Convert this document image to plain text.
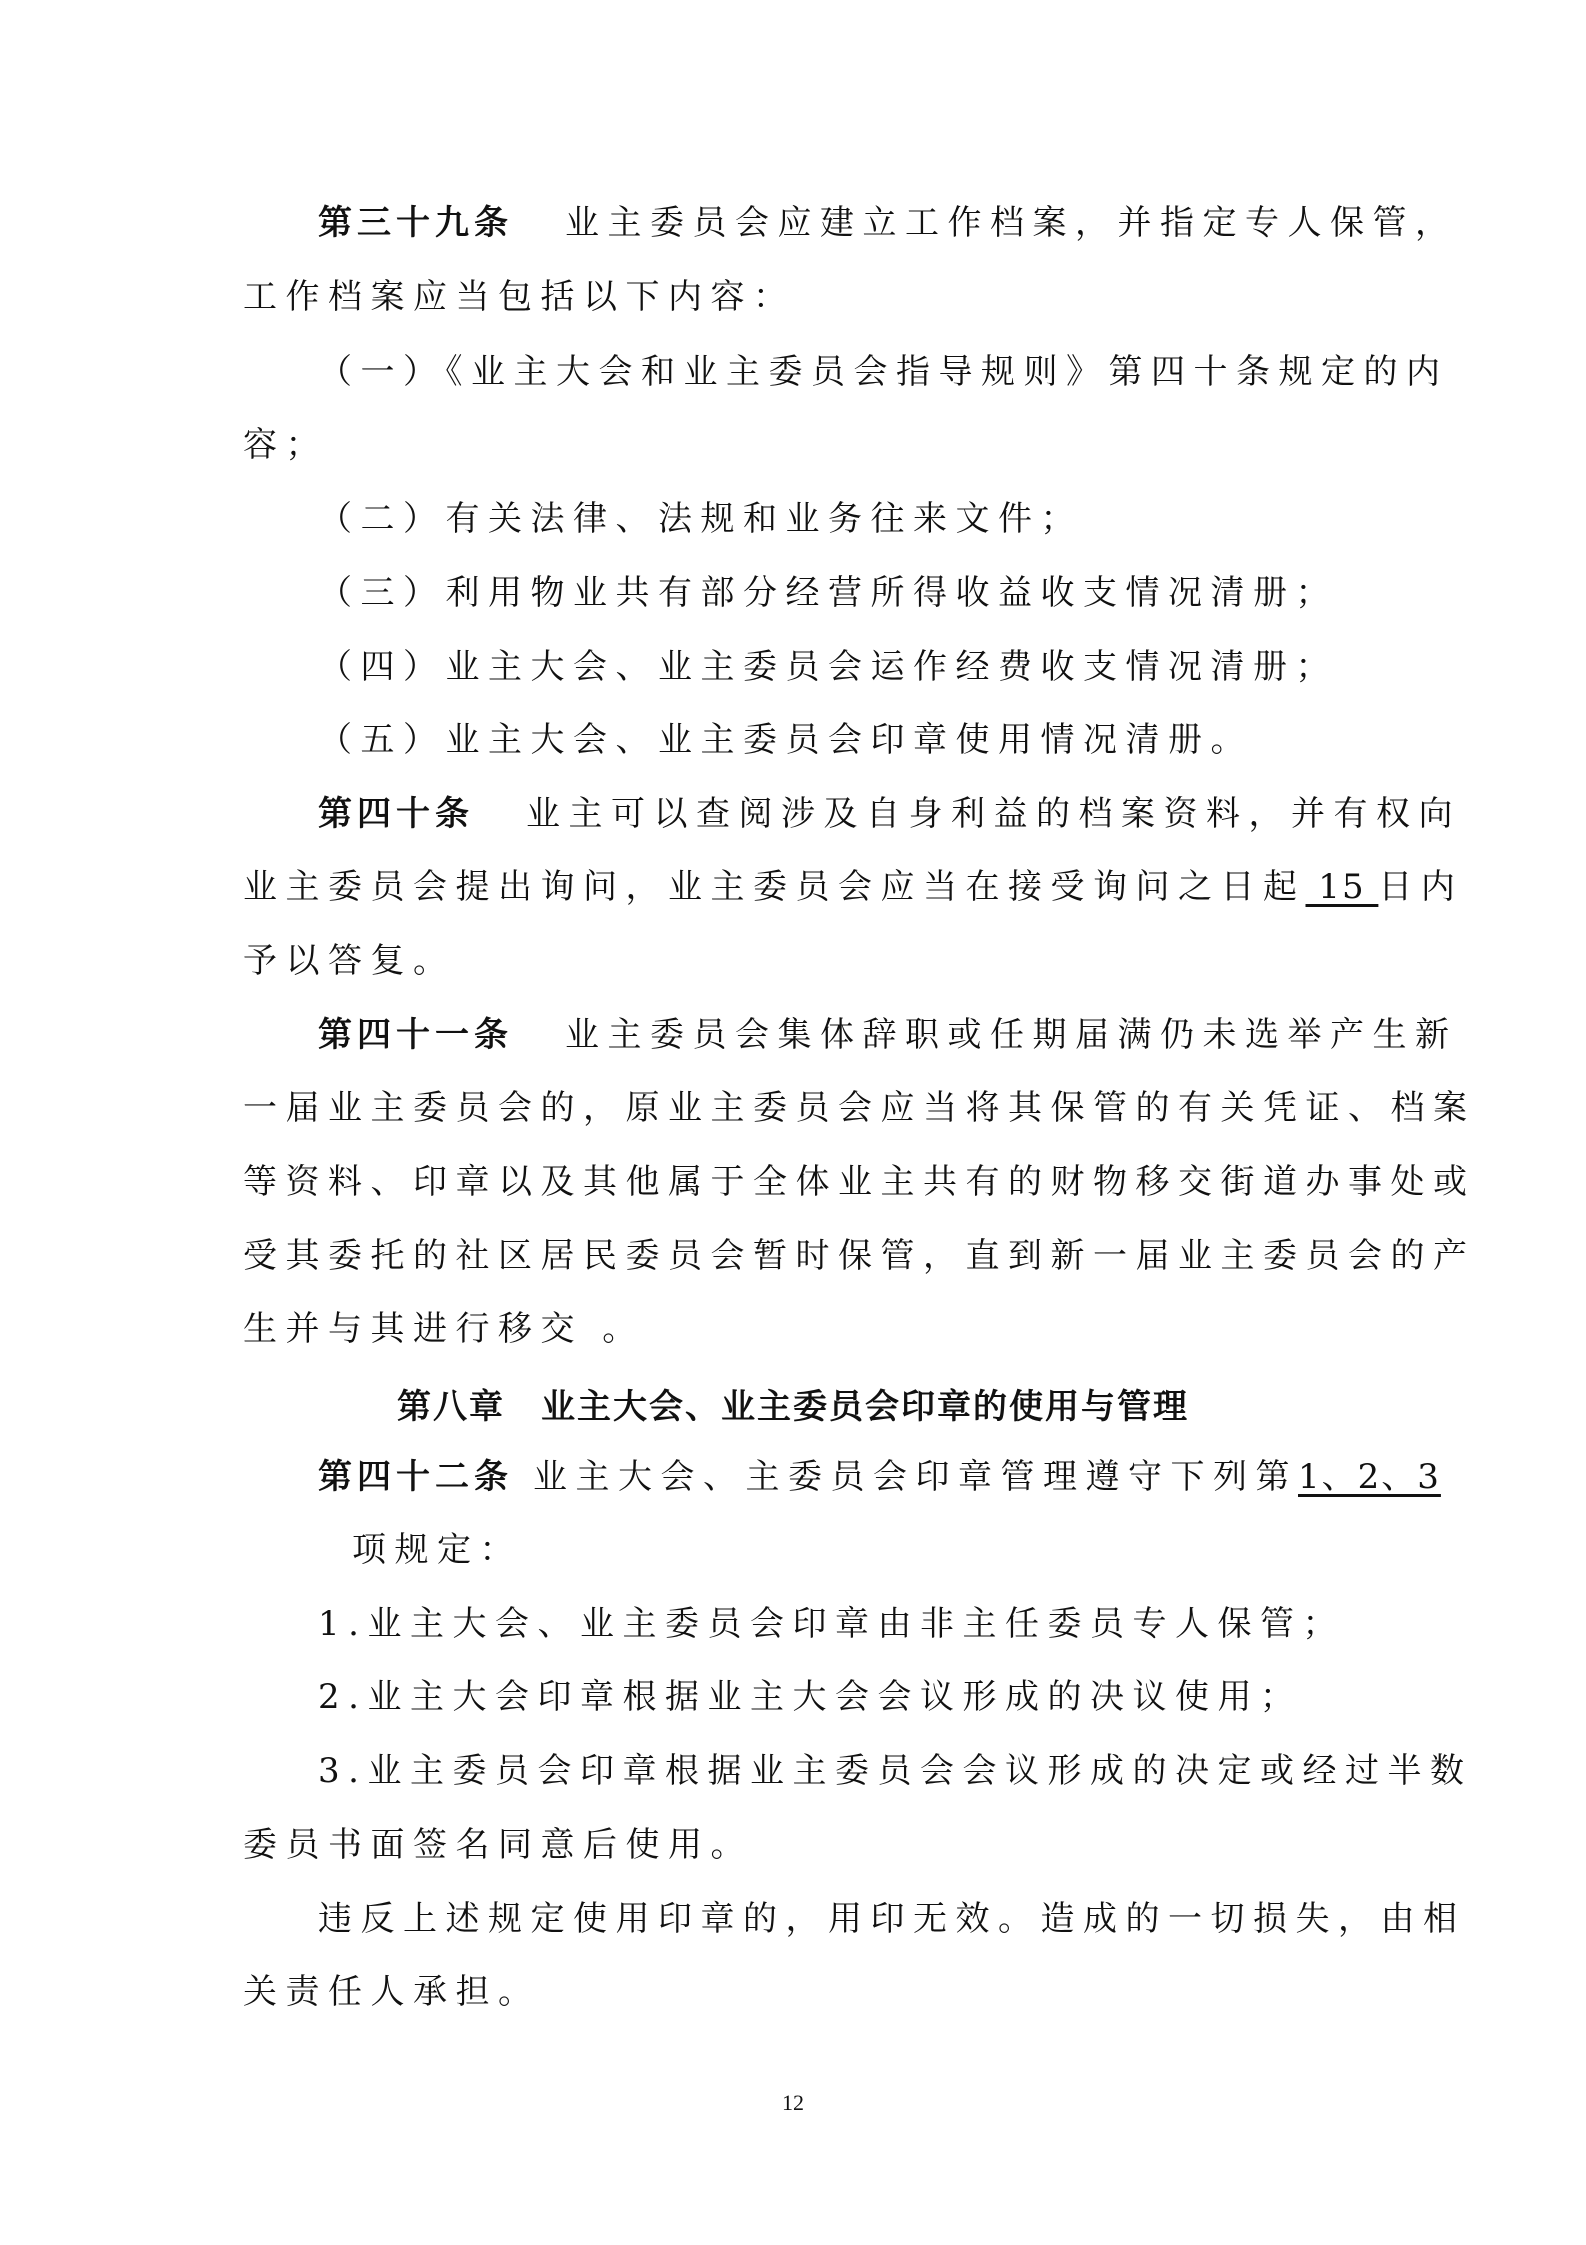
第三十九条 业主委员会应建立工作档案，并指定专人保管，
工作档案应当包括以下内容：
（一）《业主大会和业主委员会指导规则》第四十条规定的内
容；
（二）有关法律、法规和业务往来文件；
（三）利用物业共有部分经营所得收益收支情况清册；
（四）业主大会、业主委员会运作经费收支情况清册；
（五）业主大会、业主委员会印章使用情况清册。
第四十条 业主可以查阅涉及自身利益的档案资料，并有权向
业主委员会提出询问，业主委员会应当在接受询问之日起 15 日内
予以答复。
第四十一条 业主委员会集体辞职或任期届满仍未选举产生新
一届业主委员会的，原业主委员会应当将其保管的有关凭证、档案
等资料、印章以及其他属于全体业主共有的财物移交街道办事处或
受其委托的社区居民委员会暂时保管，直到新一届业主委员会的产
生并与其进行移交 。
第八章　业主大会、业主委员会印章的使用与管理
第四十二条 业主大会、主委员会印章管理遵守下列第1、2、3
项规定：
1.业主大会、业主委员会印章由非主任委员专人保管；
2.业主大会印章根据业主大会会议形成的决议使用；
3.业主委员会印章根据业主委员会会议形成的决定或经过半数
委员书面签名同意后使用。
违反上述规定使用印章的，用印无效。造成的一切损失，由相
关责任人承担。
12
